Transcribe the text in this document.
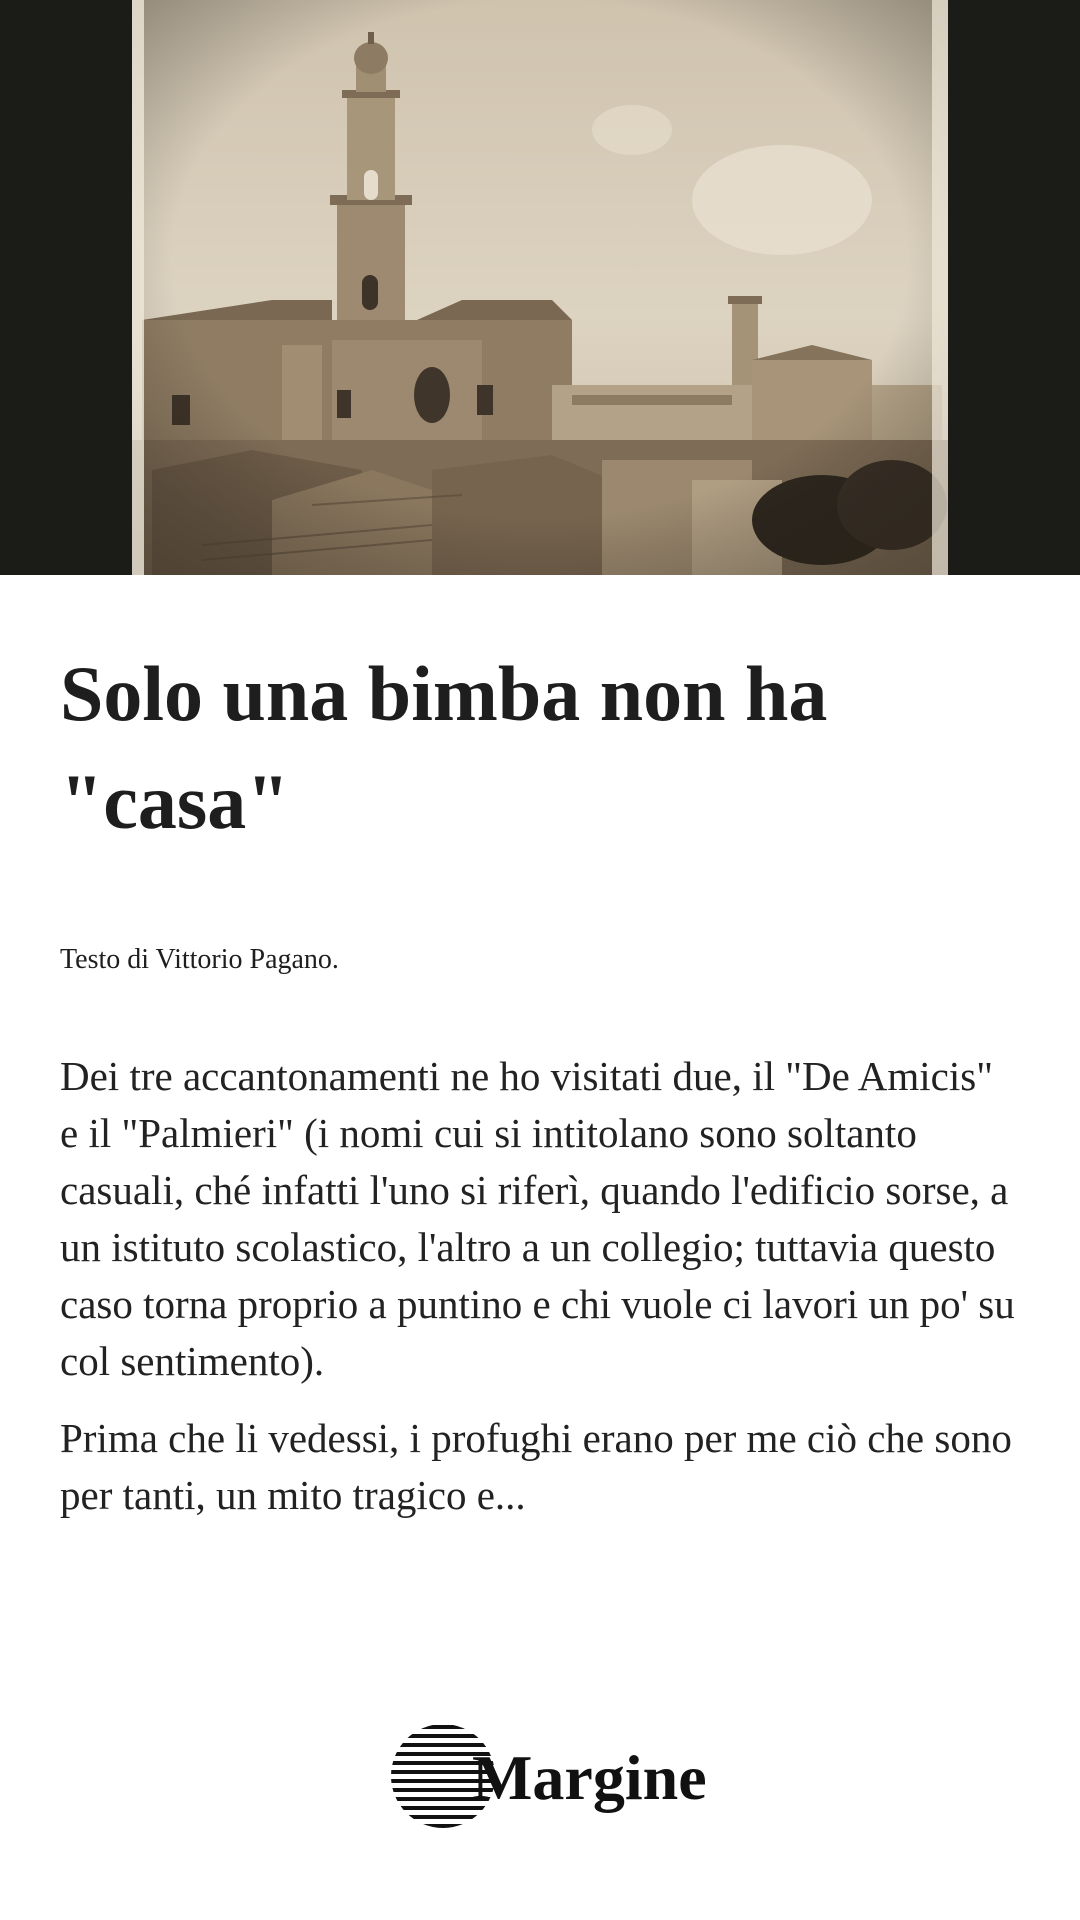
Solo una bimba non ha "casa"

Testo di Vittorio Pagano.

Dei tre accantonamenti ne ho visitati due, il "De Amicis" e il "Palmieri" (i nomi cui si intitolano sono soltanto casuali, ché infatti l'uno si riferì, quando l'edificio sorse, a un istituto scolastico, l'altro a un collegio; tuttavia questo caso torna proprio a puntino e chi vuole ci lavori un po' su col sentimento).

Prima che li vedessi, i profughi erano per me ciò che sono per tanti, un mito tragico e...

Margine
